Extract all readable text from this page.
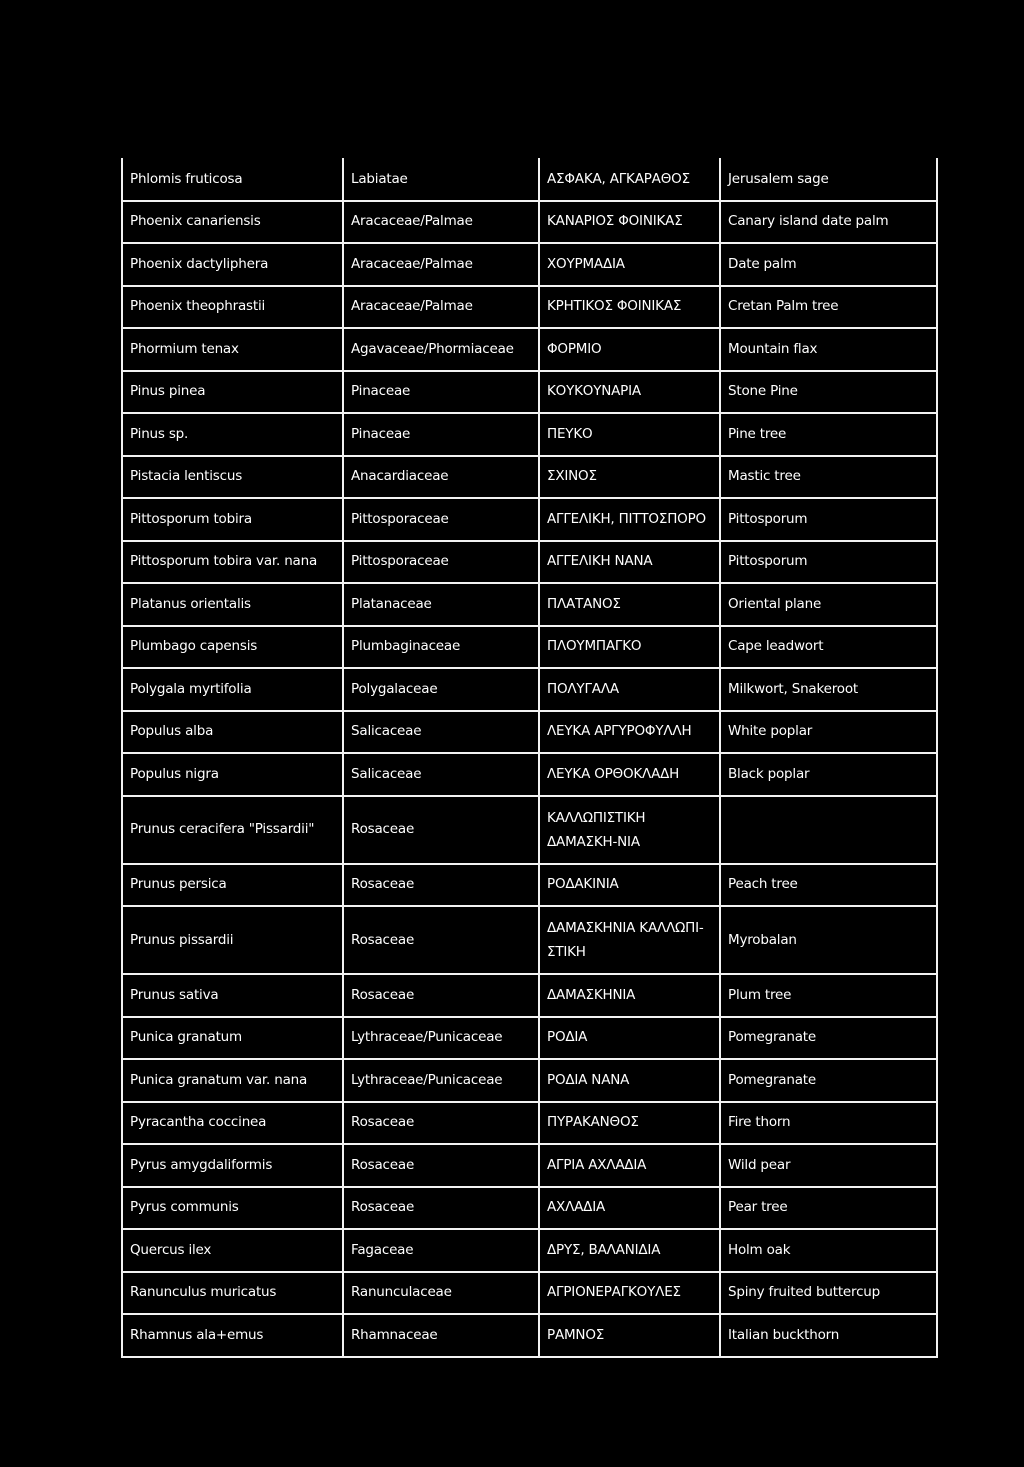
Phlomis fruticosa	Labiatae	ΑΣΦΑΚΑ, ΑΓΚΑΡΑΘΟΣ	Jerusalem sage
Phoenix canariensis	Aracaceae/Palmae	ΚΑΝΑΡΙΟΣ ΦΟΙΝΙΚΑΣ	Canary island date palm
Phoenix dactyliphera	Aracaceae/Palmae	ΧΟΥΡΜΑΔΙΑ	Date palm
Phoenix theophrastii	Aracaceae/Palmae	ΚΡΗΤΙΚΟΣ ΦΟΙΝΙΚΑΣ	Cretan Palm tree
Phormium tenax	Agavaceae/Phormiaceae	ΦΟΡΜΙΟ	Mountain flax
Pinus pinea	Pinaceae	ΚΟΥΚΟΥΝΑΡΙΑ	Stone Pine
Pinus sp.	Pinaceae	ΠΕΥΚΟ	Pine tree
Pistacia lentiscus	Anacardiaceae	ΣΧΙΝΟΣ	Mastic tree
Pittosporum tobira	Pittosporaceae	ΑΓΓΕΛΙΚΗ, ΠΙΤΤΟΣΠΟΡΟ	Pittosporum
Pittosporum tobira var. nana	Pittosporaceae	ΑΓΓΕΛΙΚΗ ΝΑΝΑ	Pittosporum
Platanus orientalis	Platanaceae	ΠΛΑΤΑΝΟΣ	Oriental plane
Plumbago capensis	Plumbaginaceae	ΠΛΟΥΜΠΑΓΚΟ	Cape leadwort
Polygala myrtifolia	Polygalaceae	ΠΟΛΥΓΑΛΑ	Milkwort, Snakeroot
Populus alba	Salicaceae	ΛΕΥΚΑ ΑΡΓΥΡΟΦΥΛΛΗ	White poplar
Populus nigra	Salicaceae	ΛΕΥΚΑ ΟΡΘΟΚΛΑΔΗ	Black poplar
Prunus ceracifera "Pissardii"	Rosaceae	ΚΑΛΛΩΠΙΣΤΙΚΗ ΔΑΜΑΣΚΗ-ΝΙΑ	
Prunus persica	Rosaceae	ΡΟΔΑΚΙΝΙΑ	Peach tree
Prunus pissardii	Rosaceae	ΔΑΜΑΣΚΗΝΙΑ ΚΑΛΛΩΠΙ-ΣΤΙΚΗ	Myrobalan
Prunus sativa	Rosaceae	ΔΑΜΑΣΚΗΝΙΑ	Plum tree
Punica granatum	Lythraceae/Punicaceae	ΡΟΔΙΑ	Pomegranate
Punica granatum var. nana	Lythraceae/Punicaceae	ΡΟΔΙΑ ΝΑΝΑ	Pomegranate
Pyracantha coccinea	Rosaceae	ΠΥΡΑΚΑΝΘΟΣ	Fire thorn
Pyrus amygdaliformis	Rosaceae	ΑΓΡΙΑ ΑΧΛΑΔΙΑ	Wild pear
Pyrus communis	Rosaceae	ΑΧΛΑΔΙΑ	Pear tree
Quercus ilex	Fagaceae	ΔΡΥΣ, ΒΑΛΑΝΙΔΙΑ	Holm oak
Ranunculus muricatus	Ranunculaceae	ΑΓΡΙΟΝΕΡΑΓΚΟΥΛΕΣ	Spiny fruited buttercup
Rhamnus ala+emus	Rhamnaceae	ΡΑΜΝΟΣ	Italian buckthorn
